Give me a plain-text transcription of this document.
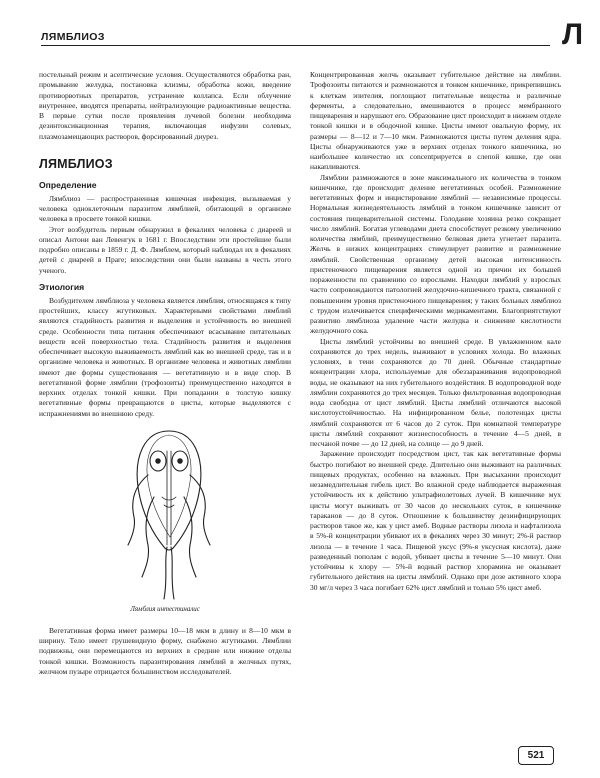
ЛЯМБЛИОЗ	Л

постельный режим и асептические условия. Осуществляются обработка ран, промывание желудка, постановка клизмы, обработка кожи, введение противорвотных препаратов, устранение коллапса. Если облучение внутреннее, вводятся препараты, нейтрализующие радиоактивные вещества. В первые сутки после проявления лучевой болезни необходима дезинтоксикационная терапия, включающая инфузии солевых, плазмозамещающих растворов, форсированный диурез.

ЛЯМБЛИОЗ
Определение

Лямблиоз — распространенная кишечная инфекция, вызываемая у человека одноклеточным паразитом лямблией, обитающей в организме человека в просвете тонкой кишки.

Этот возбудитель первым обнаружил в фекалиях человека с диареей и описал Антони ван Левенгук в 1681 г. Впоследствии эти простейшие были подробно описаны в 1859 г. Д. Ф. Лямблем, который наблюдал их в фекалиях детей с диареей в Праге; впоследствии они были названы в честь этого ученого.

Этиология

Возбудителем лямблиоза у человека является лямблия, относящаяся к типу простейших, классу жгутиковых. Характерными свойствами лямблий являются стадийность развития и выделения и устойчивость во внешней среде. Особенности типа питания обеспечивают всасывание питательных веществ всей поверхностью тела. Стадийность развития и выделения обеспечивает высокую выживаемость лямблий как во внешней среде, так и в организме человека и животных. В организме человека и животных лямблии имеют две формы существования — вегетативную и в виде спор. В вегетативной форме лямблии (трофозоиты) преимущественно находятся в верхних отделах тонкой кишки. При попадании в толстую кишку вегетативные формы превращаются в цисты, которые выделяются с испражнениями во внешнюю среду.

Лямблия интестиналис

Вегетативная форма имеет размеры 10—18 мкм в длину и 8—10 мкм в ширину. Тело имеет грушевидную форму, снабжено жгутиками. Лямблии подвижны, они перемещаются из верхних в средние или нижние отделы тонкой кишки. Возможность паразитирования лямблий в желчных путях, желчном пузыре отрицается большинством исследователей.

Концентрированная желчь оказывает губительное действие на лямблии. Трофозоиты питаются и размножаются в тонком кишечнике, прикрепившись к клеткам эпителия, поглощают питательные вещества и различные ферменты, а следовательно, вмешиваются в процесс мембранного пищеварения и нарушают его. Образование цист происходит в нижнем отделе тонкой кишки и в ободочной кишке. Цисты имеют овальную форму, их размеры — 8—12 и 7—10 мкм. Размножаются цисты путем деления ядра. Цисты обнаруживаются уже в верхних отделах тонкого кишечника, но наибольшее количество их concentрируется в слепой кишке, где они накапливаются.

Лямблии размножаются в зоне максимального их количества в тонком кишечнике, где происходит деление вегетативных особей. Размножение вегетативных форм и инцистирование лямблий — независимые процессы. Нормальная жизнедеятельность лямблий в тонком кишечнике зависит от состояния пищеварительной системы. Голодание хозяина резко сокращает число лямблий. Богатая углеводами диета способствует резкому увеличению количества лямблий, преимущественно белковая диета угнетает паразита. Желчь в низких концентрациях стимулирует развитие и размножение лямблий. Свойственная организму детей высокая интенсивность пристеночного пищеварения является одной из причин их большей пораженности по сравнению со взрослыми. Находки лямблий у взрослых часто сопровождаются патологией желудочно-кишечного тракта, связанной с повышением уровня пристеночного пищеварения; у таких больных лямблиоз с трудом излечивается специфическими медикаментами. Благоприятствуют развитию лямблиоза удаление части желудка и снижение кислотности желудочного сока.

Цисты лямблий устойчивы во внешней среде. В увлажненном кале сохраняются до трех недель, выживают в условиях холода. Во влажных условиях, в тени сохраняются до 70 дней. Обычные стандартные концентрации хлора, используемые для обеззараживания водопроводной воды, не оказывают на них губительного воздействия. В водопроводной воде лямблии сохраняются до трех месяцев. Только фильтрованная водопроводная вода свободна от цист лямблий. Цисты лямблий отличаются высокой кислотоустойчивостью. На инфицированном белье, полотенцах цисты лямблий сохраняются от 6 часов до 2 суток. При комнатной температуре цисты лямблий сохраняют жизнеспособность в течение 4—5 дней, в песчаной почве — до 12 дней, на солнце — до 9 дней.

Заражение происходит посредством цист, так как вегетативные формы быстро погибают во внешней среде. Длительно они выживают на различных пищевых продуктах, особенно на влажных. При высыхании происходит незамедлительная гибель цист. Во влажной среде наблюдается выраженная устойчивость их к действию ультрафиолетовых лучей. В кишечнике мух цисты могут выживать от 30 часов до нескольких суток, в кишечнике тараканов — до 8 суток. Отношение к большинству дезинфицирующих растворов такое же, как у цист амеб. Водные растворы лизола и нафтализола в 5%-й концентрации убивают их в фекалиях через 30 минут; 2%-й раствор лизола — в течение 1 часа. Пищевой уксус (9%-я уксусная кислота), даже разведенный пополам с водой, убивает цисты в течение 5—10 минут. Они устойчивы к хлору — 5%-й водный раствор хлорамина не оказывает губительного действия на цисты лямблий. Однако при дозе активного хлора 30 мг/л через 3 часа погибает 62% цист лямблий и только 5% цист амеб.

521
